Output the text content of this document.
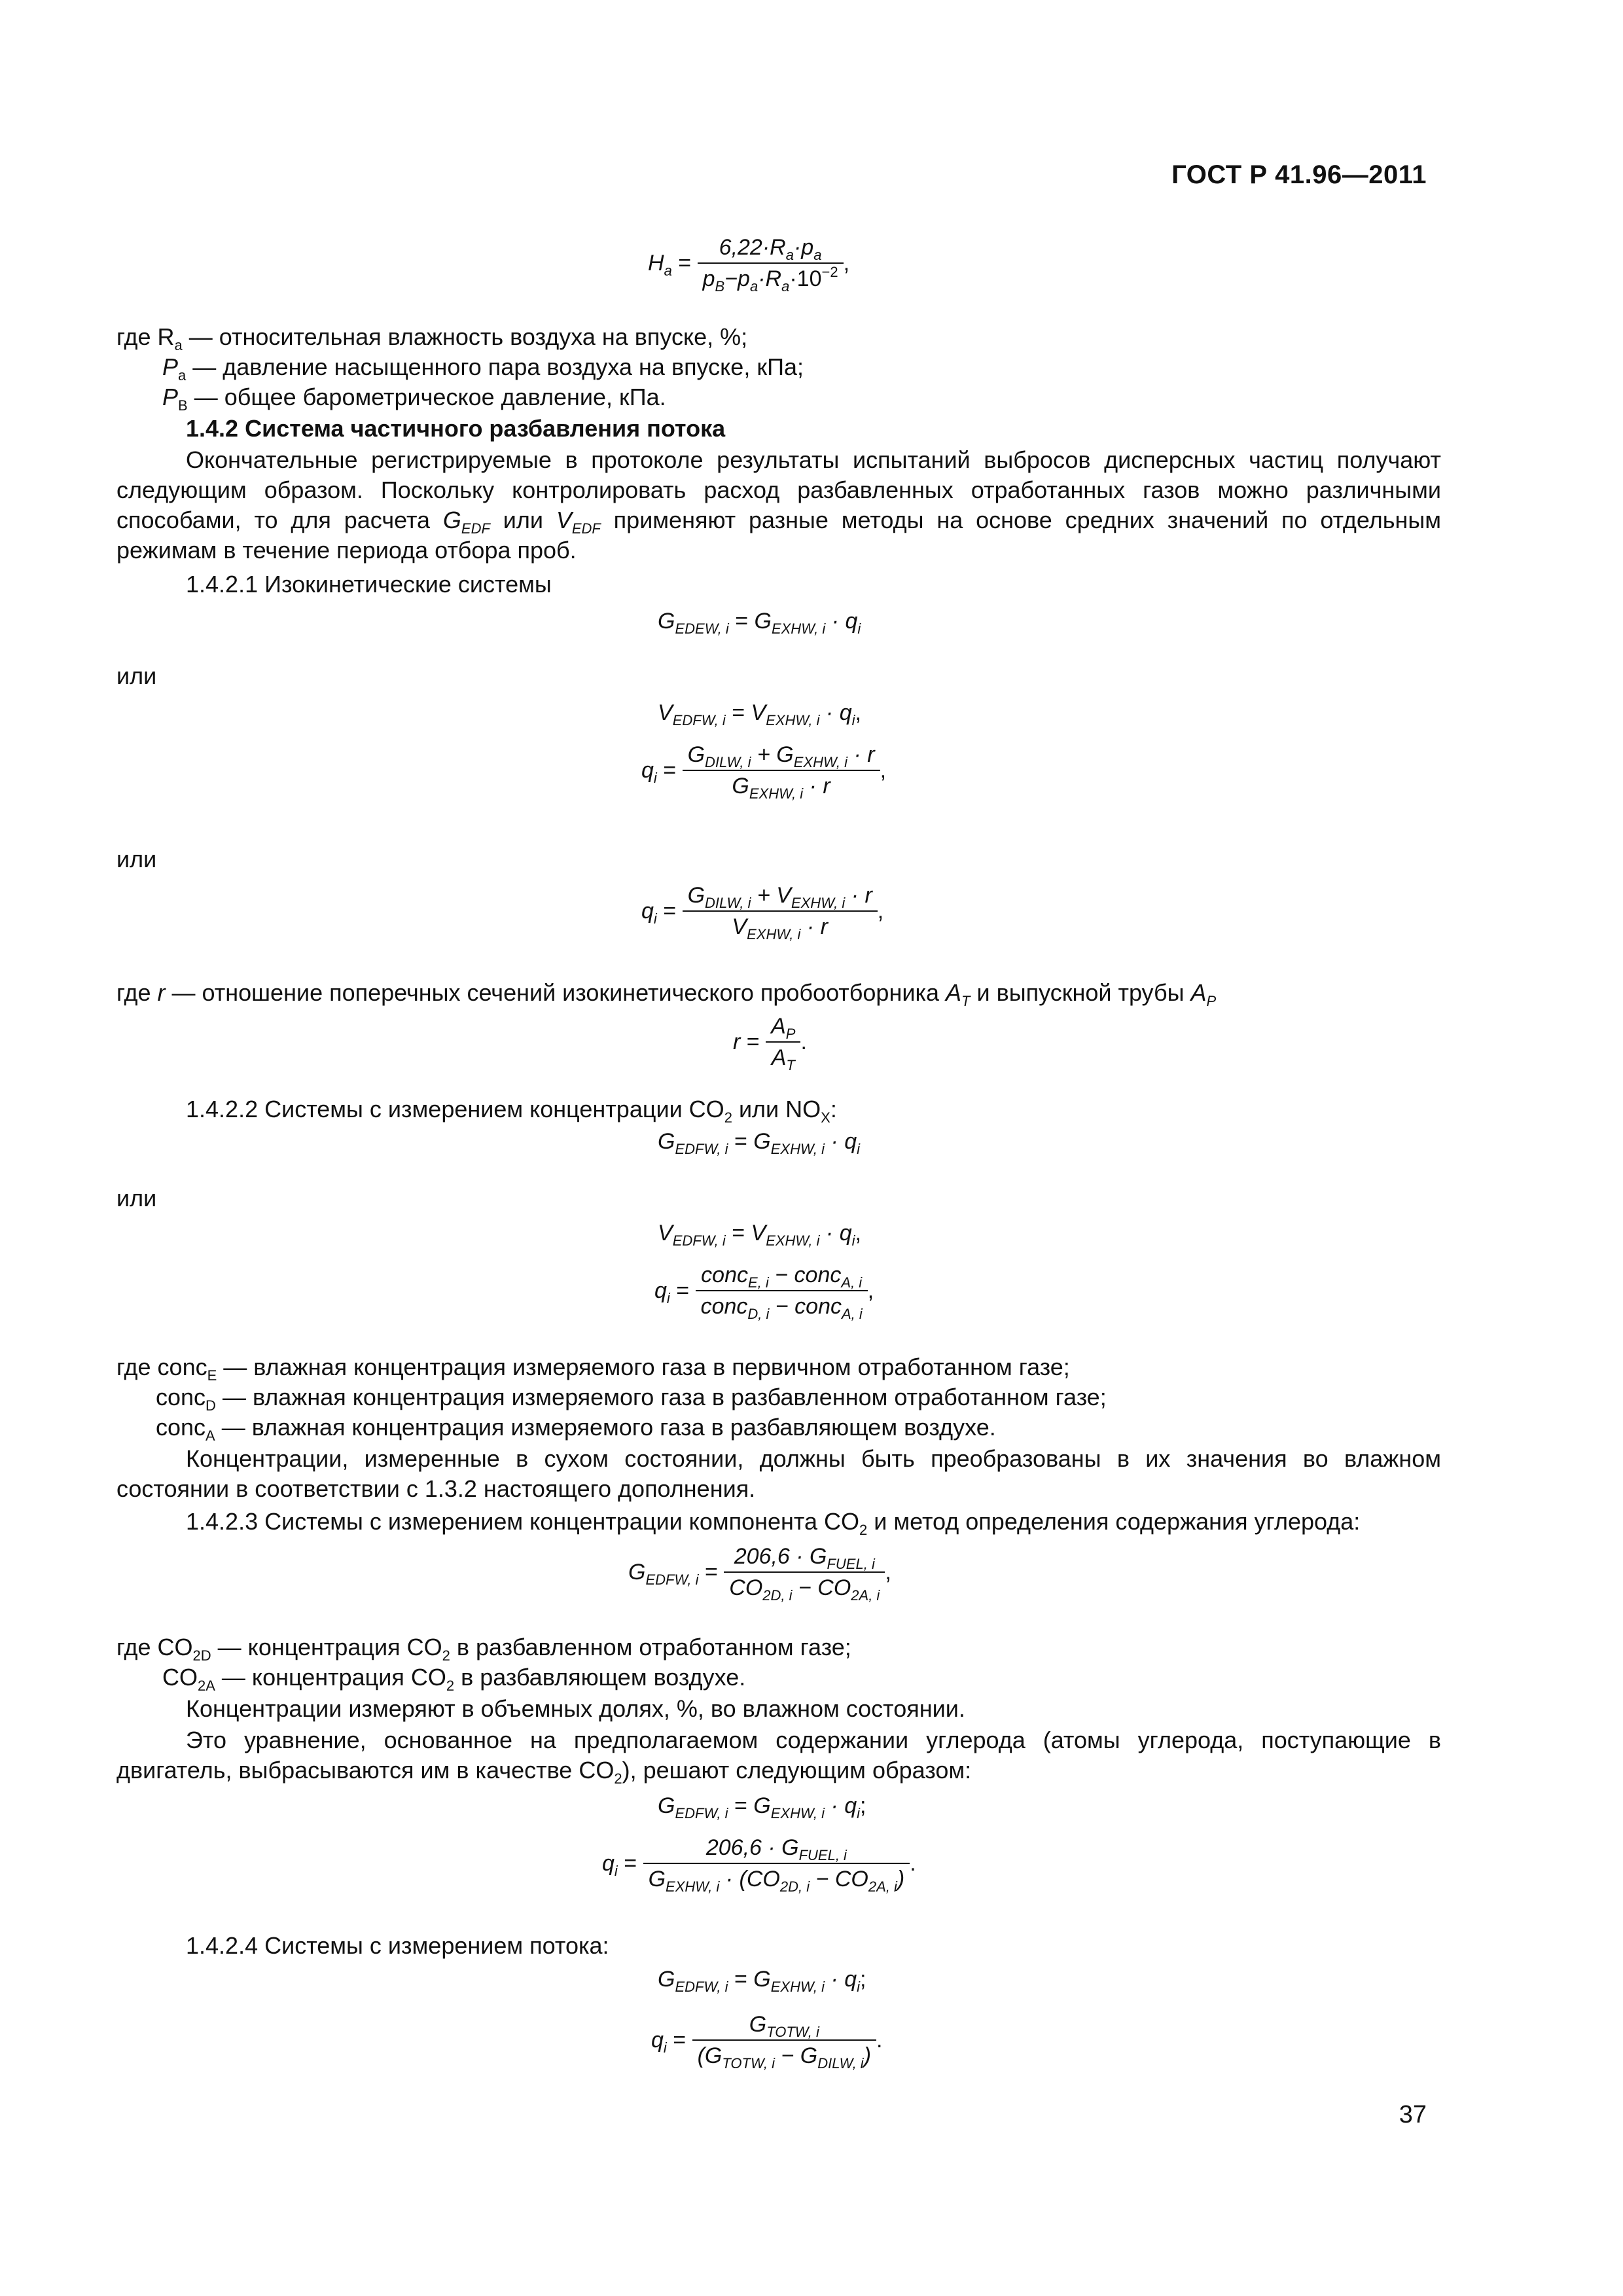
ГОСТ Р 41.96—2011
$H_a = \frac{6,22\cdot R_a\cdot p_a}{p_B-p_a\cdot R_a\cdot 10^{-2}}$ ,
где $R_a$ — относительная влажность воздуха на впуске, %;
$P_a$ — давление насыщенного пара воздуха на впуске, кПа;
$P_B$ — общее барометрическое давление, кПа.
1.4.2 Система частичного разбавления потока
Окончательные регистрируемые в протоколе результаты испытаний выбросов дисперсных частиц получают следующим образом. Поскольку контролировать расход разбавленных отработанных газов можно различными способами, то для расчета $G_{EDF}$ или $V_{EDF}$ применяют разные методы на основе средних значений по отдельным режимам в течение периода отбора проб.
1.4.2.1 Изокинетические системы
$G_{EDEW, i} = G_{EXHW, i} \cdot q_i$
или
$V_{EDFW, i} = V_{EXHW, i} \cdot q_i$,
$q_i = \frac{G_{DILW, i} + G_{EXHW, i} \cdot r}{G_{EXHW, i} \cdot r}$ ,
или
$q_i = \frac{G_{DILW, i} + V_{EXHW, i} \cdot r}{V_{EXHW, i} \cdot r}$ ,
где r — отношение поперечных сечений изокинетического пробоотборника $A_T$ и выпускной трубы $A_P$
$r = \frac{A_P}{A_T}$ .
1.4.2.2 Системы с измерением концентрации $CO_2$ или $NO_X$:
$G_{EDFW, i} = G_{EXHW, i} \cdot q_i$
или
$V_{EDFW, i} = V_{EXHW, i} \cdot q_i$,
$q_i = \frac{conc_{E, i} - conc_{A, i}}{conc_{D, i} - conc_{A, i}}$ ,
где conc$_E$ — влажная концентрация измеряемого газа в первичном отработанном газе;
conc$_D$ — влажная концентрация измеряемого газа в разбавленном отработанном газе;
conc$_A$ — влажная концентрация измеряемого газа в разбавляющем воздухе.
Концентрации, измеренные в сухом состоянии, должны быть преобразованы в их значения во влажном состоянии в соответствии с 1.3.2 настоящего дополнения.
1.4.2.3 Системы с измерением концентрации компонента $CO_2$ и метод определения содержания углерода:
$G_{EDFW, i} = \frac{206,6 \cdot G_{FUEL, i}}{CO_{2D, i} - CO_{2A, i}}$ ,
где $CO_{2D}$ — концентрация $CO_2$ в разбавленном отработанном газе;
$CO_{2A}$ — концентрация $CO_2$ в разбавляющем воздухе.
Концентрации измеряют в объемных долях, %, во влажном состоянии.
Это уравнение, основанное на предполагаемом содержании углерода (атомы углерода, поступающие в двигатель, выбрасываются им в качестве $CO_2$), решают следующим образом:
$G_{EDFW, i} = G_{EXHW, i} \cdot q_i$;
$q_i = \frac{206,6 \cdot G_{FUEL, i}}{G_{EXHW, i} \cdot (CO_{2D, i} - CO_{2A, i})}$ .
1.4.2.4 Системы с измерением потока:
$G_{EDFW, i} = G_{EXHW, i} \cdot q_i$;
$q_i = \frac{G_{TOTW, i}}{(G_{TOTW, i} - G_{DILW, i})}$ .
37
